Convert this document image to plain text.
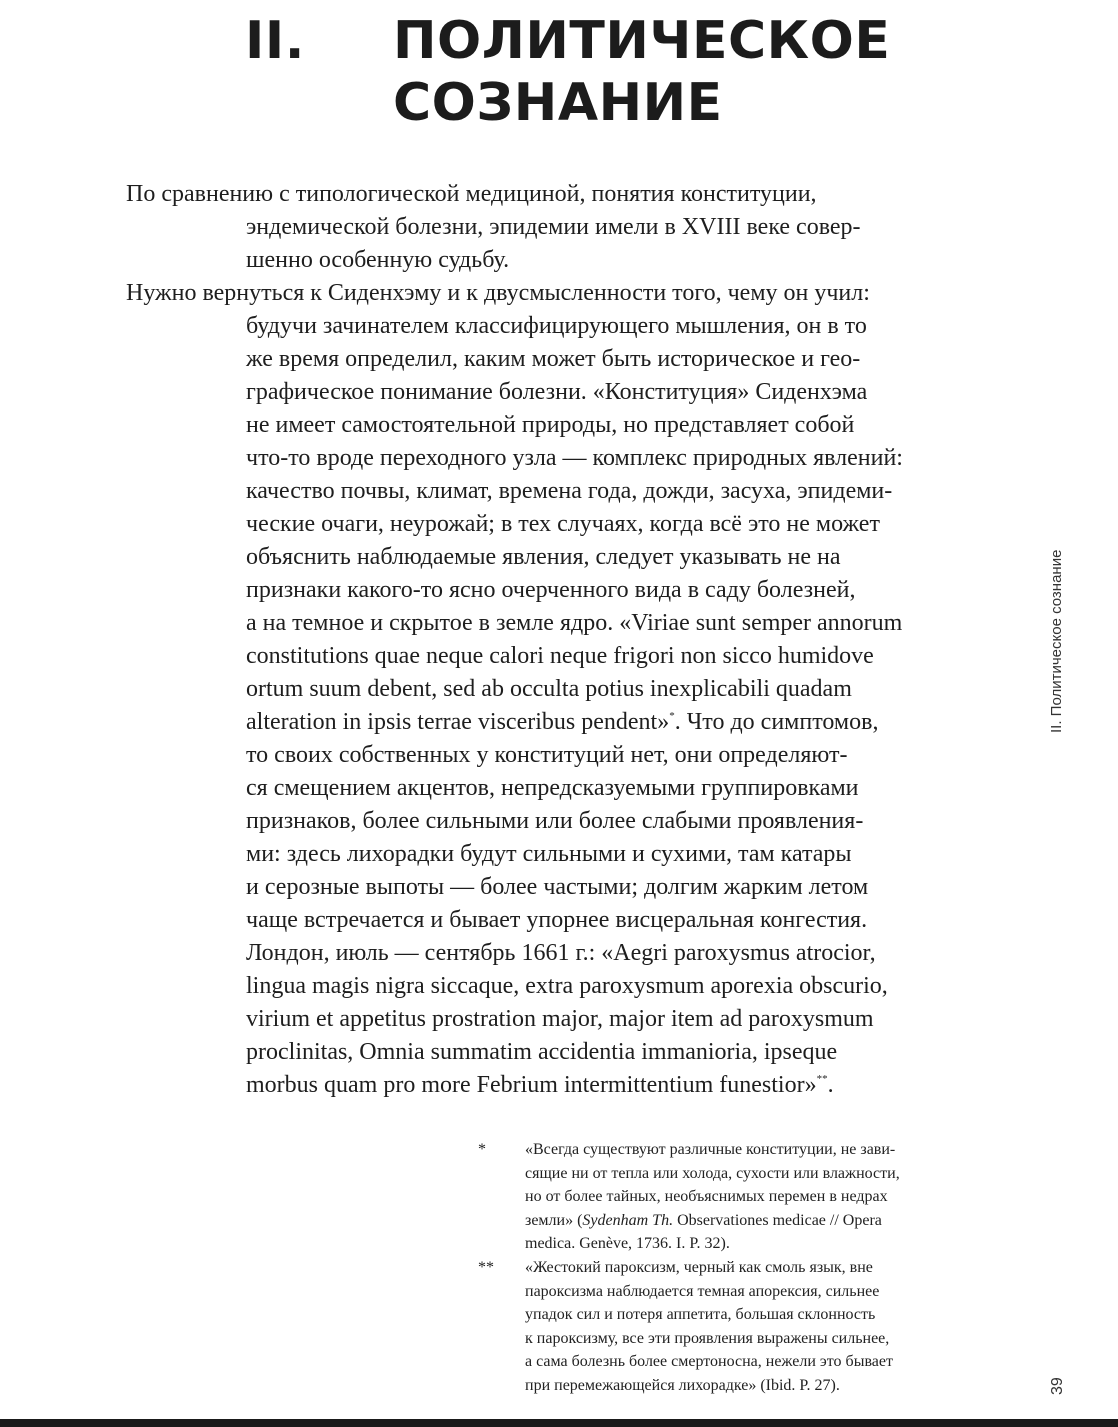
II. ПОЛИТИЧЕСКОЕ
СОЗНАНИЕ

По сравнению с типологической медициной, понятия конституции,
эндемической болезни, эпидемии имели в XVIII веке совер-
шенно особенную судьбу.

Нужно вернуться к Сиденхэму и к двусмысленности того, чему он учил:
будучи зачинателем классифицирующего мышления, он в то
же время определил, каким может быть историческое и гео-
графическое понимание болезни. «Конституция» Сиденхэма
не имеет самостоятельной природы, но представляет собой
что-то вроде переходного узла — комплекс природных явлений:
качество почвы, климат, времена года, дожди, засуха, эпидеми-
ческие очаги, неурожай; в тех случаях, когда всё это не может
объяснить наблюдаемые явления, следует указывать не на
признаки какого-то ясно очерченного вида в саду болезней,
а на темное и скрытое в земле ядро. «Viriae sunt semper annorum
constitutions quae neque calori neque frigori non sicco humidove
ortum suum debent, sed ab occulta potius inexplicabili quadam
alteration in ipsis terrae visceribus pendent»*. Что до симптомов,
то своих собственных у конституций нет, они определяют-
ся смещением акцентов, непредсказуемыми группировками
признаков, более сильными или более слабыми проявления-
ми: здесь лихорадки будут сильными и сухими, там катары
и серозные выпоты — более частыми; долгим жарким летом
чаще встречается и бывает упорнее висцеральная конгестия.
Лондон, июль — сентябрь 1661 г.: «Aegri paroxysmus atrocior,
lingua magis nigra siccaque, extra paroxysmum aporexia obscurio,
virium et appetitus prostration major, major item ad paroxysmum
proclinitas, Omnia summatim accidentia immanioria, ipseque
morbus quam pro more Febrium intermittentium funestior»**.

*	«Всегда существуют различные конституции, не зави-
сящие ни от тепла или холода, сухости или влажности,
но от более тайных, необъяснимых перемен в недрах
земли» (Sydenham Th. Observationes medicae // Opera
medica. Genève, 1736. I. P. 32).
**	«Жестокий пароксизм, черный как смоль язык, вне
пароксизма наблюдается темная апорексия, сильнее
упадок сил и потеря аппетита, большая склонность
к пароксизму, все эти проявления выражены сильнее,
а сама болезнь более смертоносна, нежели это бывает
при перемежающейся лихорадке» (Ibid. P. 27).
II. Политическое сознание
39
